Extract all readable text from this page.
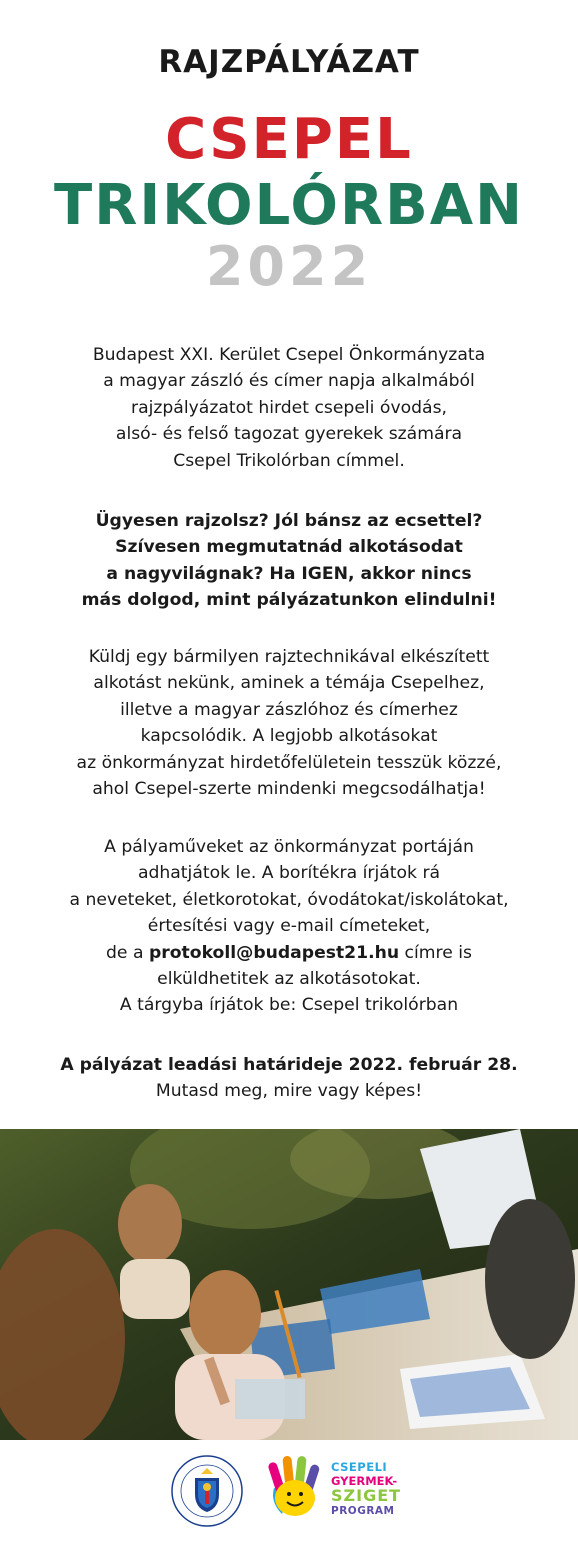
RAJZPÁLYÁZAT
CSEPEL
TRIKOLÓRBAN
2022

Budapest XXI. Kerület Csepel Önkormányzata
a magyar zászló és címer napja alkalmából
rajzpályázatot hirdet csepeli óvodás,
alsó- és felső tagozat gyerekek számára
Csepel Trikolórban címmel.

Ügyesen rajzolsz? Jól bánsz az ecsettel?
Szívesen megmutatnád alkotásodat
a nagyvilágnak? Ha IGEN, akkor nincs
más dolgod, mint pályázatunkon elindulni!

Küldj egy bármilyen rajztechnikával elkészített
alkotást nekünk, aminek a témája Csepelhez,
illetve a magyar zászlóhoz és címerhez
kapcsolódik. A legjobb alkotásokat
az önkormányzat hirdetőfelületein tesszük közzé,
ahol Csepel-szerte mindenki megcsodálhatja!

A pályaműveket az önkormányzat portáján
adhatjátok le. A borítékra írjátok rá
a neveteket, életkorotokat, óvodátokat/iskolátokat,
értesítési vagy e-mail címeteket,
de a protokoll@budapest21.hu címre is
elküldhetitek az alkotásotokat.
A tárgyba írjátok be: Csepel trikolórban

A pályázat leadási határideje 2022. február 28.
Mutasd meg, mire vagy képes!

CSEPELI
GYERMEK-
SZIGET
PROGRAM
